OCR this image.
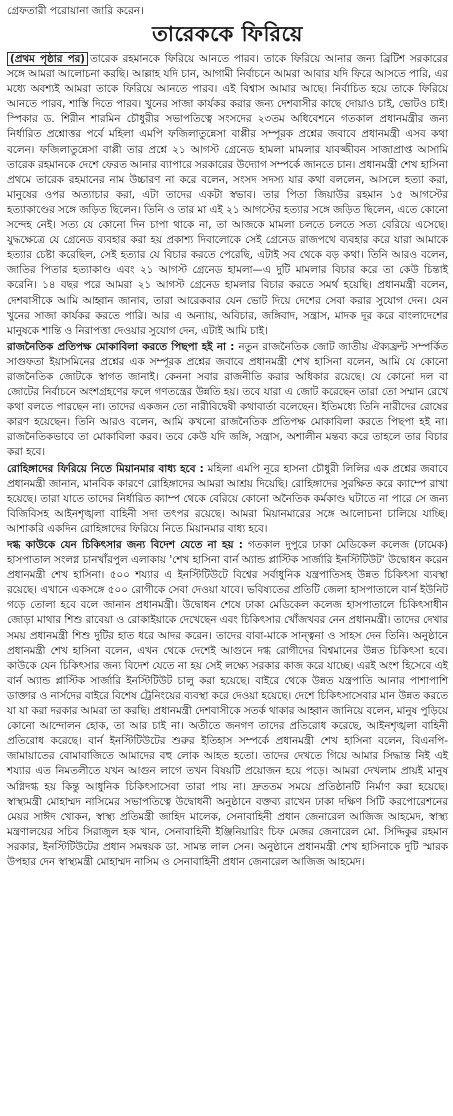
গ্রেফতারী পরোয়ানা জারি করেন।
তারেককে ফিরিয়ে

(প্রথম পৃষ্ঠার পর) তারেক রহমানকে ফিরিয়ে আনতে পারব। তাকে ফিরিয়ে আনার জন্য ব্রিটিশ সরকারের সঙ্গে আমরা আলোচনা করছি। আল্লাহ যদি চান, আগামী নির্বাচনে আমরা আবার যদি ফিরে আসতে পারি, এর মধ্যে অবশ্যই আমরা তাকে ফিরিয়ে আনতে পারব। এই বিশ্বাস আমার আছে। নির্বাচিত হয়ে তাকে ফিরিয়ে আনতে পারব, শাস্তি দিতে পারব। খুনের সাজা কার্যকর করার জন্য দেশবাসীর কাছে দোয়াও চাই, ভোটও চাই। স্পিকার ড. শিরীন শারমিন চৌধুরীর সভাপতিত্বে সংসদের ২৩তম অধিবেশনে গতকাল প্রধানমন্ত্রীর জন্য নির্ধারিত প্রশ্নোত্তর পর্বে মহিলা এমপি ফজিলাতুন্নেসা বাপ্পীর সম্পূরক প্রশ্নের জবাবে প্রধানমন্ত্রী এসব কথা বলেন। ফজিলাতুন্নেসা বাপ্পী তার প্রশ্নে ২১ আগস্ট গ্রেনেড হামলা মামলার যাবজ্জীবন সাজাপ্রাপ্ত আসামি তারেক রহমানকে দেশে ফেরত আনার ব্যাপারে সরকারের উদ্যোগ সম্পর্কে জানতে চান। প্রধানমন্ত্রী শেখ হাসিনা প্রথমে তারেক রহমানের নাম উচ্চারণ না করে বলেন, সংসদ সদস্য যার কথা বললেন, আসলে হত্যা করা, মানুষের ওপর অত্যাচার করা, এটা তাদের একটা স্বভাব। তার পিতা জিয়াউর রহমান ১৫ আগস্টের হত্যাকাণ্ডের সঙ্গে জড়িত ছিলেন। তিনি ও তার মা এই ২১ আগস্টের হত্যার সঙ্গে জড়িত ছিলেন, এতে কোনো সন্দেহ নেই। সত্য যে কোনো দিন চাপা থাকে না, তা আজকে মামলা চলতে চলতে সত্য বেরিয়ে এসেছে। যুদ্ধক্ষেত্রে যে গ্রেনেড ব্যবহার করা হয় প্রকাশ্য দিবালোকে সেই গ্রেনেড রাজপথে ব্যবহার করে যারা আমাকে হত্যার চেষ্টা করেছিল, সেই হত্যার যে বিচার করতে পেরেছি, এটাই সব থেকে বড় কথা। তিনি আরও বলেন, জাতির পিতার হত্যাকাণ্ড এবং ২১ আগস্ট গ্রেনেড হামলা—এ দুটি মামলার বিচার করে তা কেউ চিন্তাই করেনি। ১৪ বছর পরে আমরা ২১ আগস্ট গ্রেনেড হামলার বিচার করতে সমর্থ হয়েছি। প্রধানমন্ত্রী বলেন, দেশবাসীকে আমি আহ্বান জানাব, তারা আরেকবার যেন ভোট দিয়ে দেশের সেবা করার সুযোগ দেন। যেন খুনের সাজা কার্যকর করতে পারি। আর এ অন্যায়, অবিচার, জঙ্গিবাদ, সন্ত্রাস, মাদক দূর করে বাংলাদেশের মানুষকে শান্তি ও নিরাপত্তা দেওয়ার সুযোগ দেন, এটাই আমি চাই।

রাজনৈতিক প্রতিপক্ষ মোকাবিলা করতে পিছপা হই না : নতুন রাজনৈতিক জোট জাতীয় ঐক্যফ্রন্ট সম্পর্কিত সাগুফতা ইয়াসমিনের প্রশ্নের এক সম্পূরক প্রশ্নের জবাবে প্রধানমন্ত্রী শেখ হাসিনা বলেন, আমি যে কোনো রাজনৈতিক জোটকে স্বাগত জানাই। কেননা সবার রাজনীতি করার অধিকার রয়েছে। যে কোনো দল বা জোটের নির্বাচনে অংশগ্রহণের ফলে গণতন্ত্রের উন্নতি হয়। তবে যারা এ জোট করেছেন তারা তো সম্মান রেখে কথা বলতে পারছেন না। তাদের একজন তো নারীবিদ্বেষী কথাবার্তা বলেছেন। ইতিমধ্যে তিনি নারীদের রোষের কারণ হয়েছেন। তিনি আরও বলেন, আমি কখনো রাজনৈতিক প্রতিপক্ষ মোকাবিলা করতে পিছপা হই না। রাজনৈতিকভাবে তা মোকাবিলা করব। তবে কেউ যদি জঙ্গি, সন্ত্রাস, অশালীন মন্তব্য করে তাহলে তার বিচার করা হবে।

রোহিঙ্গাদের ফিরিয়ে নিতে মিয়ানমার বাধ্য হবে : মহিলা এমপি নূরে হাসনা চৌধুরী লিলির এক প্রশ্নের জবাবে প্রধানমন্ত্রী জানান, মানবিক কারণে রোহিঙ্গাদের আমরা আশ্রয় দিয়েছি। রোহিঙ্গাদের সুরক্ষিত করে ক্যাম্পে রাখা হয়েছে। তারা যাতে তাদের নির্ধারিত ক্যাম্প থেকে বেরিয়ে কোনো অনৈতিক কর্মকাণ্ড ঘটাতে না পারে সে জন্য বিজিবিসহ আইনশৃঙ্খলা বাহিনী সদা তৎপর রয়েছে। আমরা মিয়ানমারের সঙ্গে আলোচনা চালিয়ে যাচ্ছি। আশাকরি একদিন রোহিঙ্গাদের ফিরিয়ে নিতে মিয়ানমার বাধ্য হবে।

দগ্ধ কাউকে যেন চিকিৎসার জন্য বিদেশ যেতে না হয় : গতকাল দুপুরে ঢাকা মেডিকেল কলেজ (ঢামেক) হাসপাতাল সংলগ্ন চানখাঁরপুল এলাকায় 'শেখ হাসিনা বার্ন অ্যান্ড প্লাস্টিক সার্জারি ইনস্টিটিউট' উদ্বোধন করেন প্রধানমন্ত্রী শেখ হাসিনা। ৫০০ শয্যার এ ইনস্টিটিউটে বিশ্বের সর্বাধুনিক যন্ত্রপাতিসহ উন্নত চিকিৎসা ব্যবস্থা রয়েছে। এখানে একসঙ্গে ৫০০ রোগীকে সেবা দেওয়া যাবে। ভবিষ্যতের প্রতিটি জেলা হাসপাতালে বার্ন ইউনিট গড়ে তোলা হবে বলে জানান প্রধানমন্ত্রী। উদ্বোধন শেষে ঢাকা মেডিকেল কলেজ হাসপাতালে চিকিৎসাধীন জোড়া মাথার শিশু রাবেয়া ও রোকাইয়াকে দেখেছেন এবং চিকিৎসার খোঁজখবর নেন প্রধানমন্ত্রী। তাদের দেখার সময় প্রধানমন্ত্রী শিশু দুটির হাত ধরে আদর করেন। তাদের বাবা-মাকে সান্ত্বনা ও সাহস দেন তিনি। অনুষ্ঠানে প্রধানমন্ত্রী শেখ হাসিনা বলেন, এখন থেকে দেশেই আগুনে দগ্ধ রোগীদের বিশ্বমানের উন্নত চিকিৎসা হবে। কাউকে যেন চিকিৎসার জন্য বিদেশ যেতে না হয় সেই লক্ষ্যে সরকার কাজ করে যাচ্ছে। এরই অংশ হিসেবে এই বার্ন অ্যান্ড প্লাস্টিক সার্জারি ইনস্টিটিউট চালু করা হয়েছে। বাইরে থেকে উন্নত যন্ত্রপাতি আনার পাশাপাশি ডাক্তার ও নার্সদের বাইরে বিশেষ ট্রেনিংয়ের ব্যবস্থা করে দেওয়া হয়েছে। দেশে চিকিৎসাসেবার মান উন্নত করতে যা যা করা দরকার আমরা তা করছি। প্রধানমন্ত্রী দেশবাসীকে সতর্ক থাকার আহ্বান জানিয়ে বলেন, মানুষ পুড়িয়ে কোনো আন্দোলন হোক, তা আর চাই না। অতীতে জনগণ তাদের প্রতিরোধ করেছে, আইনশৃঙ্খলা বাহিনী প্রতিরোধ করেছে। বার্ন ইনস্টিটিউটের শুরুর ইতিহাস সম্পর্কে প্রধানমন্ত্রী শেখ হাসিনা বলেন, বিএনপি-জামায়াতের বোমাবাজিতে আমাদের বহু লোক আহত হতো। তাদের দেখতে গিয়ে আমার সিদ্ধান্ত নিই এই শয্যার এত নিমতলীতে যখন আগুন লাগে তখন বিষয়টি প্রয়োজন হয়ে পড়ে। আমরা দেখলাম প্রায়ই মানুষ অগ্নিদগ্ধ হয় কিন্তু আধুনিক চিকিৎসাসেবা তারা পায় না। দ্রুততম সময়ে প্রতিষ্ঠানটি নির্মাণ করা হয়েছে। স্বাস্থ্যমন্ত্রী মোহাম্মদ নাসিমের সভাপতিত্বে উদ্বোধনী অনুষ্ঠানে বক্তব্য রাখেন ঢাকা দক্ষিণ সিটি করপোরেশনের মেয়র সাঈদ খোকন, স্বাস্থ্য প্রতিমন্ত্রী জাহিদ মালেক, সেনাবাহিনী প্রধান জেনারেল আজিজ আহমেদ, স্বাস্থ্য মন্ত্রণালয়ের সচিব সিরাজুল হক খান, সেনাবাহিনী ইঞ্জিনিয়ারিং চিফ মেজর জেনারেল মো. সিদ্দিকুর রহমান সরকার, ইনস্টিটিউটের প্রধান সমন্বয়ক ডা. সামন্ত লাল সেন। অনুষ্ঠানে প্রধানমন্ত্রী শেখ হাসিনাকে দুটি স্মারক উপহার দেন স্বাস্থ্যমন্ত্রী মোহাম্মদ নাসিম ও সেনাবাহিনী প্রধান জেনারেল আজিজ আহমেদ।
